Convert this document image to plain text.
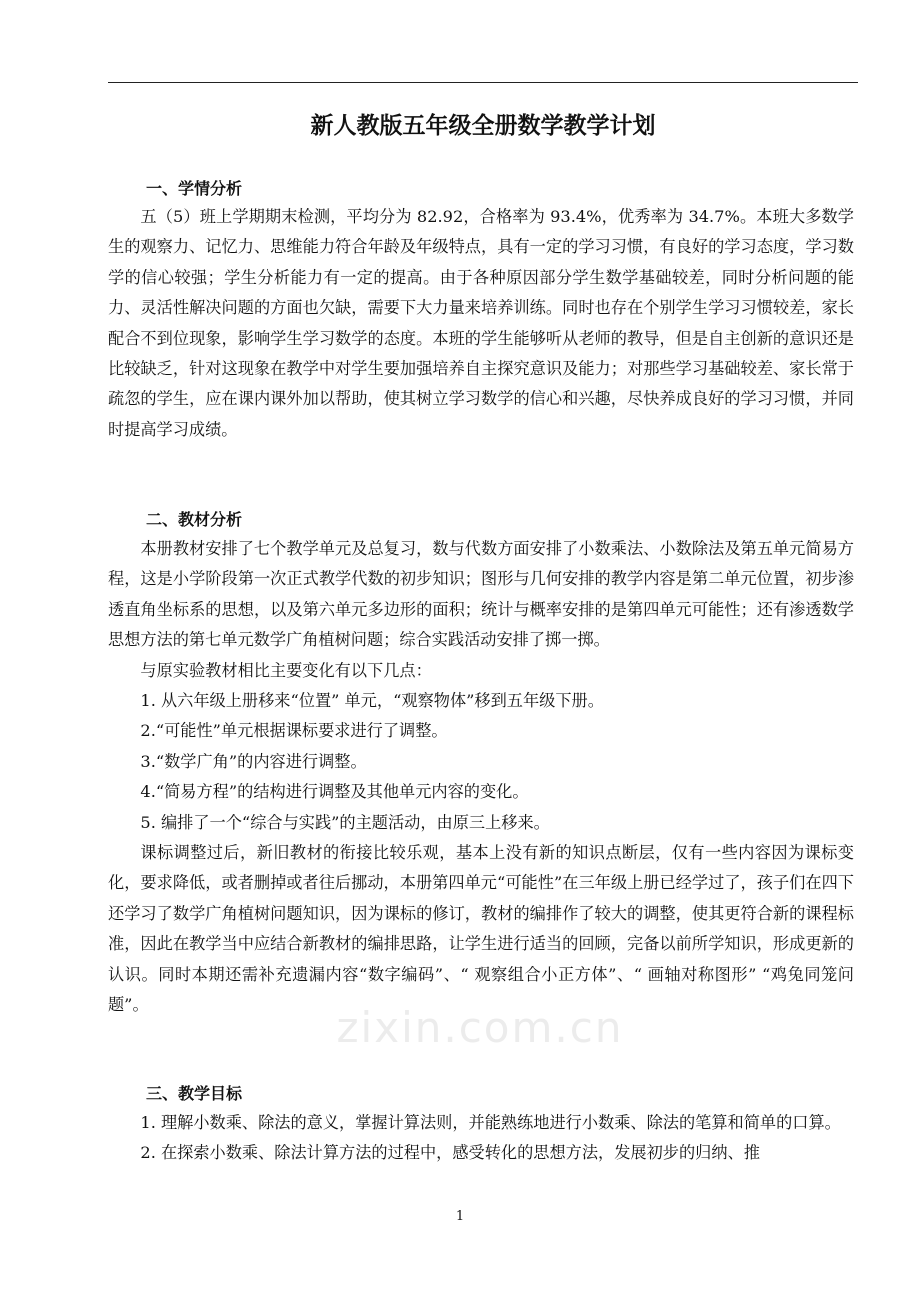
zixin.com.cn
新人教版五年级全册数学教学计划
一、学情分析

五（5）班上学期期末检测，平均分为 82.92，合格率为 93.4%，优秀率为 34.7%。本班大多数学生的观察力、记忆力、思维能力符合年龄及年级特点，具有一定的学习习惯，有良好的学习态度，学习数学的信心较强；学生分析能力有一定的提高。由于各种原因部分学生数学基础较差，同时分析问题的能力、灵活性解决问题的方面也欠缺，需要下大力量来培养训练。同时也存在个别学生学习习惯较差，家长配合不到位现象，影响学生学习数学的态度。本班的学生能够听从老师的教导，但是自主创新的意识还是比较缺乏，针对这现象在教学中对学生要加强培养自主探究意识及能力；对那些学习基础较差、家长常于疏忽的学生，应在课内课外加以帮助，使其树立学习数学的信心和兴趣，尽快养成良好的学习习惯，并同时提高学习成绩。

二、教材分析

本册教材安排了七个教学单元及总复习，数与代数方面安排了小数乘法、小数除法及第五单元简易方程，这是小学阶段第一次正式教学代数的初步知识；图形与几何安排的教学内容是第二单元位置，初步渗透直角坐标系的思想，以及第六单元多边形的面积；统计与概率安排的是第四单元可能性；还有渗透数学思想方法的第七单元数学广角植树问题；综合实践活动安排了掷一掷。

与原实验教材相比主要变化有以下几点：

1. 从六年级上册移来“位置” 单元，“观察物体”移到五年级下册。

2.“可能性”单元根据课标要求进行了调整。

3.“数学广角”的内容进行调整。

4.“简易方程”的结构进行调整及其他单元内容的变化。

5. 编排了一个“综合与实践”的主题活动，由原三上移来。

课标调整过后，新旧教材的衔接比较乐观，基本上没有新的知识点断层，仅有一些内容因为课标变化，要求降低，或者删掉或者往后挪动，本册第四单元“可能性”在三年级上册已经学过了，孩子们在四下还学习了数学广角植树问题知识，因为课标的修订，教材的编排作了较大的调整，使其更符合新的课程标准，因此在教学当中应结合新教材的编排思路，让学生进行适当的回顾，完备以前所学知识，形成更新的认识。同时本期还需补充遗漏内容“数字编码”、“ 观察组合小正方体”、“ 画轴对称图形” “鸡兔同笼问题”。

三、教学目标

1. 理解小数乘、除法的意义，掌握计算法则，并能熟练地进行小数乘、除法的笔算和简单的口算。

2. 在探索小数乘、除法计算方法的过程中，感受转化的思想方法，发展初步的归纳、推

1
